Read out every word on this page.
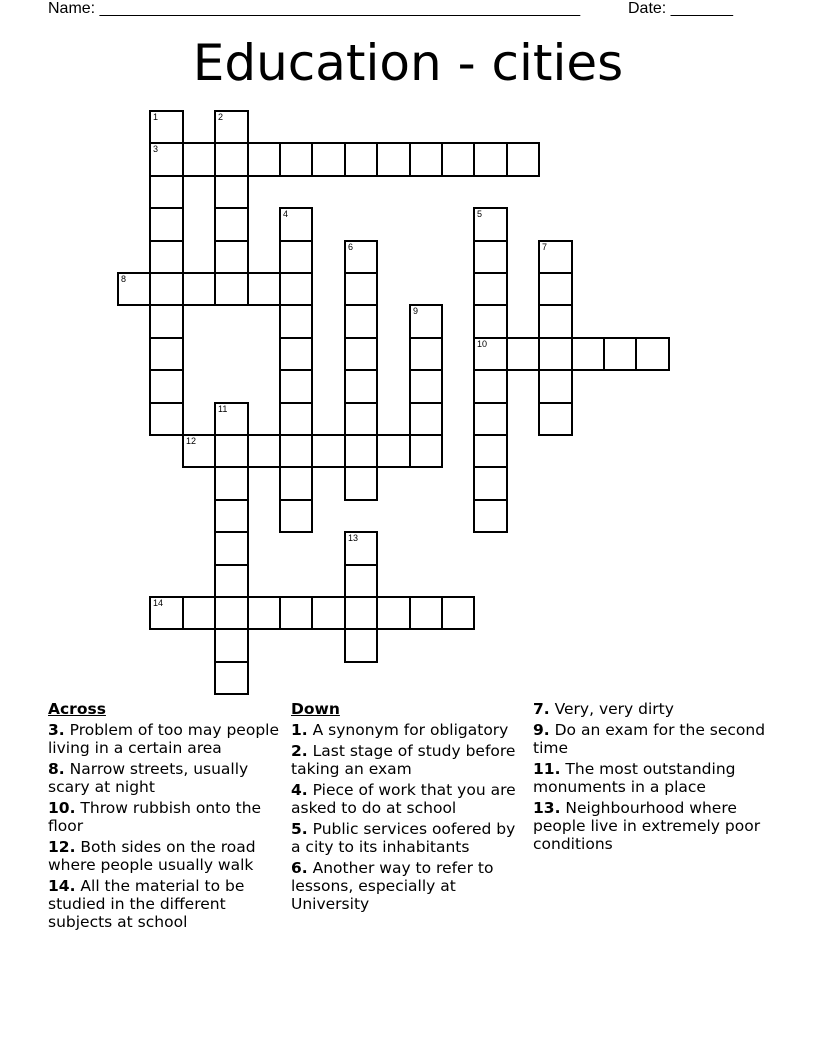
Name: ______________________________________________________	Date: _______
Education - cities
1
3
2
4	5
10
6	7
8
9
11
12
13
14
Across
3. Problem of too may people living in a certain area
8. Narrow streets, usually scary at night
10. Throw rubbish onto the floor
12. Both sides on the road where people usually walk
14. All the material to be studied in the different subjects at school
Down
1. A synonym for obligatory
2. Last stage of study before taking an exam
4. Piece of work that you are asked to do at school
5. Public services oofered by a city to its inhabitants
6. Another way to refer to lessons, especially at University
7. Very, very dirty
9. Do an exam for the second time
11. The most outstanding monuments in a place
13. Neighbourhood where people live in extremely poor conditions
